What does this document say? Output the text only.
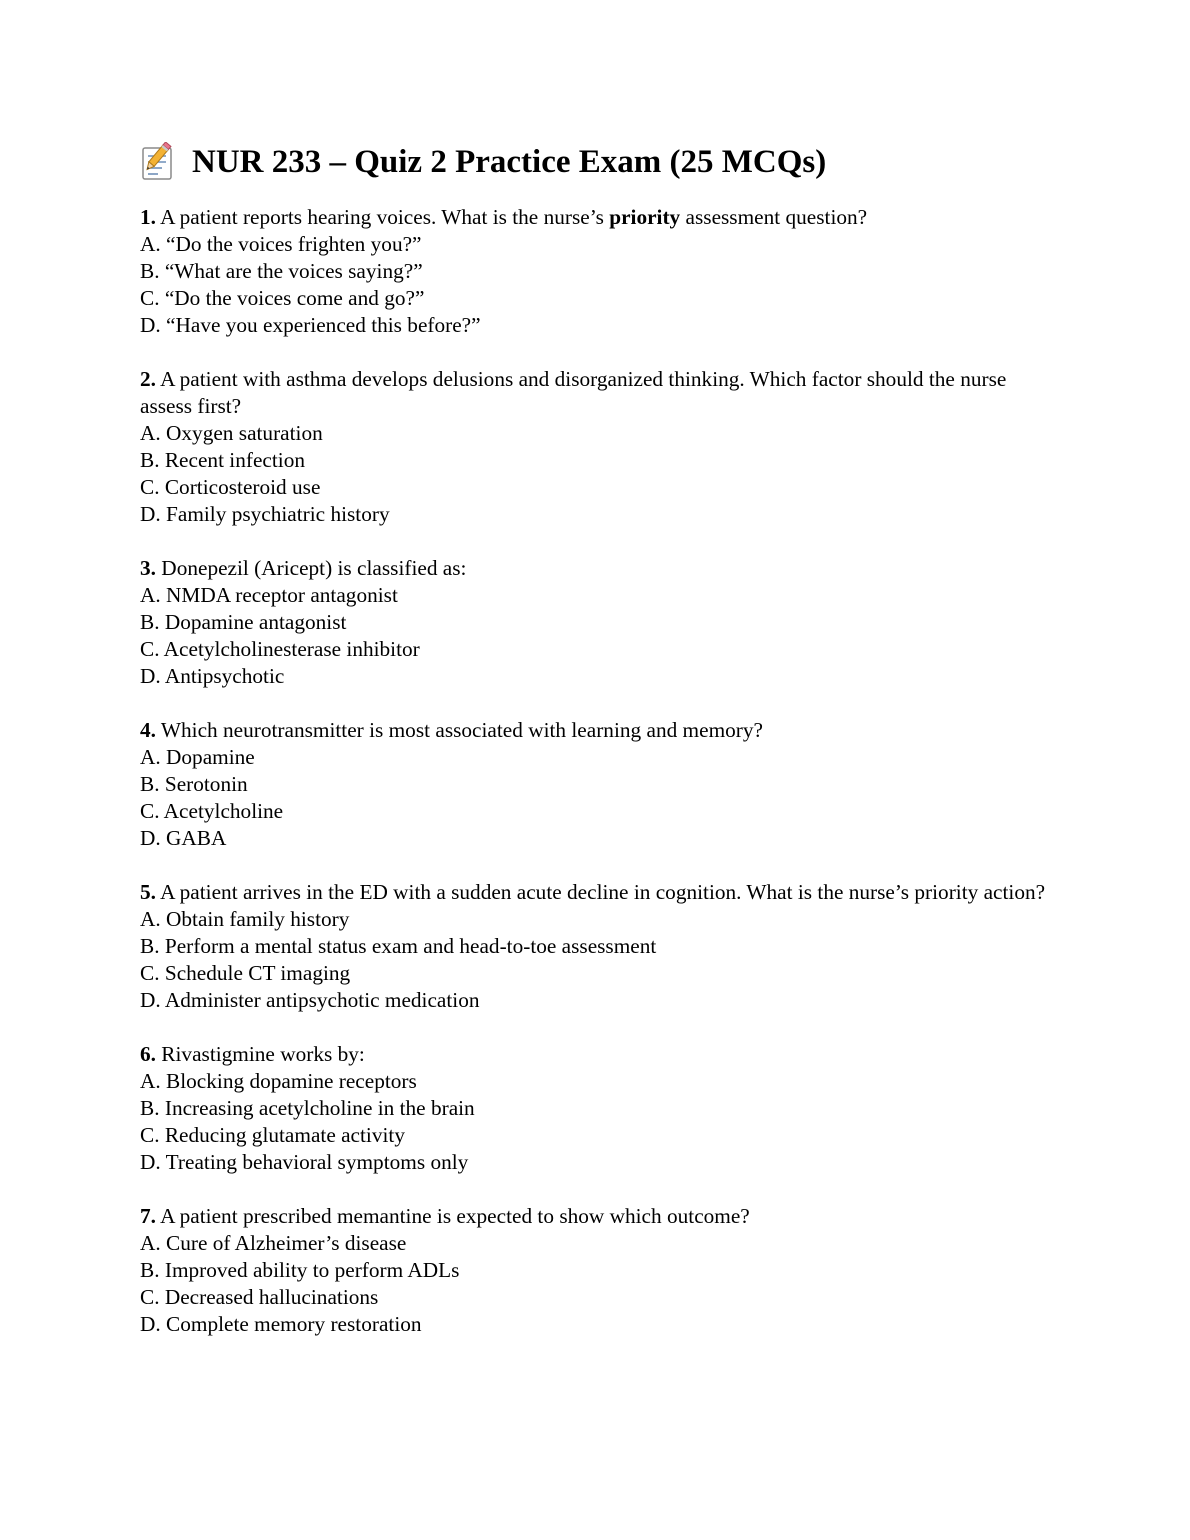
NUR 233 – Quiz 2 Practice Exam (25 MCQs)

1. A patient reports hearing voices. What is the nurse’s priority assessment question?

A. “Do the voices frighten you?”

B. “What are the voices saying?”

C. “Do the voices come and go?”

D. “Have you experienced this before?”

2. A patient with asthma develops delusions and disorganized thinking. Which factor should the nurse assess first?

A. Oxygen saturation

B. Recent infection

C. Corticosteroid use

D. Family psychiatric history

3. Donepezil (Aricept) is classified as:

A. NMDA receptor antagonist

B. Dopamine antagonist

C. Acetylcholinesterase inhibitor

D. Antipsychotic

4. Which neurotransmitter is most associated with learning and memory?

A. Dopamine

B. Serotonin

C. Acetylcholine

D. GABA

5. A patient arrives in the ED with a sudden acute decline in cognition. What is the nurse’s priority action?

A. Obtain family history

B. Perform a mental status exam and head-to-toe assessment

C. Schedule CT imaging

D. Administer antipsychotic medication

6. Rivastigmine works by:

A. Blocking dopamine receptors

B. Increasing acetylcholine in the brain

C. Reducing glutamate activity

D. Treating behavioral symptoms only

7. A patient prescribed memantine is expected to show which outcome?

A. Cure of Alzheimer’s disease

B. Improved ability to perform ADLs

C. Decreased hallucinations

D. Complete memory restoration
